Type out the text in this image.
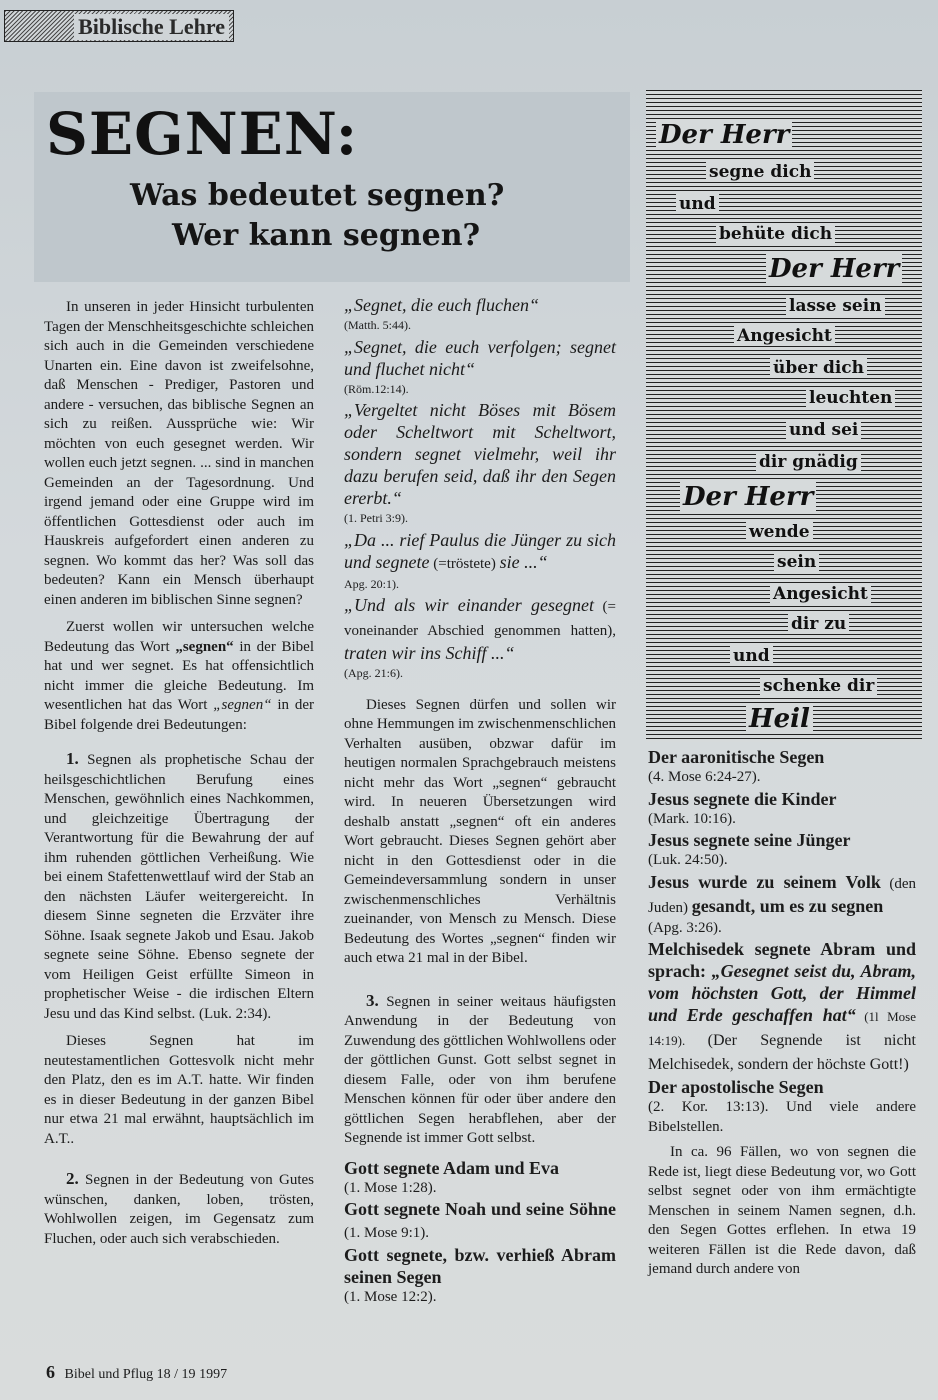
Biblische Lehre
SEGNEN:
Was bedeutet segnen?
Wer kann segnen?

In unseren in jeder Hinsicht turbulenten Tagen der Menschheitsgeschichte schleichen sich auch in die Gemeinden verschiedene Unarten ein. Eine davon ist zweifelsohne, daß Menschen - Prediger, Pastoren und andere - versuchen, das biblische Segnen an sich zu reißen. Aussprüche wie: Wir möchten von euch gesegnet werden. Wir wollen euch jetzt segnen. ... sind in manchen Gemeinden an der Tagesordnung. Und irgend jemand oder eine Gruppe wird im öffentlichen Gottesdienst oder auch im Hauskreis aufgefordert einen anderen zu segnen. Wo kommt das her? Was soll das bedeuten? Kann ein Mensch überhaupt einen anderen im biblischen Sinne segnen?

Zuerst wollen wir untersuchen welche Bedeutung das Wort „segnen“ in der Bibel hat und wer segnet. Es hat offensichtlich nicht immer die gleiche Bedeutung. Im wesentlichen hat das Wort „segnen“ in der Bibel folgende drei Bedeutungen:

1. Segnen als prophetische Schau der heilsgeschichtlichen Berufung eines Menschen, gewöhnlich eines Nachkommen, und gleichzeitige Übertragung der Verantwortung für die Bewahrung der auf ihm ruhenden göttlichen Verheißung. Wie bei einem Stafettenwettlauf wird der Stab an den nächsten Läufer weitergereicht. In diesem Sinne segneten die Erzväter ihre Söhne. Isaak segnete Jakob und Esau. Jakob segnete seine Söhne. Ebenso segnete der vom Heiligen Geist erfüllte Simeon in prophetischer Weise - die irdischen Eltern Jesu und das Kind selbst. (Luk. 2:34).

Dieses Segnen hat im neutestamentlichen Gottesvolk nicht mehr den Platz, den es im A.T. hatte. Wir finden es in dieser Bedeutung in der ganzen Bibel nur etwa 21 mal erwähnt, hauptsächlich im A.T..

2. Segnen in der Bedeutung von Gutes wünschen, danken, loben, trösten, Wohlwollen zeigen, im Gegensatz zum Fluchen, oder auch sich verabschieden.

„Segnet, die euch fluchen“
(Matth. 5:44).
„Segnet, die euch verfolgen; segnet und fluchet nicht“
(Röm.12:14).
„Vergeltet nicht Böses mit Bösem oder Scheltwort mit Scheltwort, sondern segnet vielmehr, weil ihr dazu berufen seid, daß ihr den Segen ererbt.“
(1. Petri 3:9).
„Da ... rief Paulus die Jünger zu sich und segnete (=tröstete) sie ...“
Apg. 20:1).
„Und als wir einander gesegnet (= voneinander Abschied genommen hatten), traten wir ins Schiff ...“
(Apg. 21:6).

Dieses Segnen dürfen und sollen wir ohne Hemmungen im zwischenmenschlichen Verhalten ausüben, obzwar dafür im heutigen normalen Sprachgebrauch meistens nicht mehr das Wort „segnen“ gebraucht wird. In neueren Übersetzungen wird deshalb anstatt „segnen“ oft ein anderes Wort gebraucht. Dieses Segnen gehört aber nicht in den Gottesdienst oder in die Gemeindeversammlung sondern in unser zwischenmenschliches Verhältnis zueinander, von Mensch zu Mensch. Diese Bedeutung des Wortes „segnen“ finden wir auch etwa 21 mal in der Bibel.

3. Segnen in seiner weitaus häufigsten Anwendung in der Bedeutung von Zuwendung des göttlichen Wohlwollens oder der göttlichen Gunst. Gott selbst segnet in diesem Falle, oder von ihm berufene Menschen können für oder über andere den göttlichen Segen herabflehen, aber der Segnende ist immer Gott selbst.

Gott segnete Adam und Eva
(1. Mose 1:28).
Gott segnete Noah und seine Söhne (1. Mose 9:1).
Gott segnete, bzw. verhieß Abram seinen Segen
(1. Mose 12:2).
Der Herr
segne dich
und
behüte dich
Der Herr
lasse sein
Angesicht
über dich
leuchten
und sei
dir gnädig
Der Herr
wende
sein
Angesicht
dir zu
und
schenke dir
Heil
Der aaronitische Segen
(4. Mose 6:24-27).
Jesus segnete die Kinder
(Mark. 10:16).
Jesus segnete seine Jünger
(Luk. 24:50).
Jesus wurde zu seinem Volk (den Juden) gesandt, um es zu segnen
(Apg. 3:26).
Melchisedek segnete Abram und sprach: „Gesegnet seist du, Abram, vom höchsten Gott, der Himmel und Erde geschaffen hat“ (1l Mose 14:19). (Der Segnende ist nicht Melchisedek, sondern der höchste Gott!)
Der apostolische Segen
(2. Kor. 13:13). Und viele andere Bibelstellen.

In ca. 96 Fällen, wo von segnen die Rede ist, liegt diese Bedeutung vor, wo Gott selbst segnet oder von ihm ermächtigte Menschen in seinem Namen segnen, d.h. den Segen Gottes erflehen. In etwa 19 weiteren Fällen ist die Rede davon, daß jemand durch andere von

6 Bibel und Pflug 18 / 19 1997
